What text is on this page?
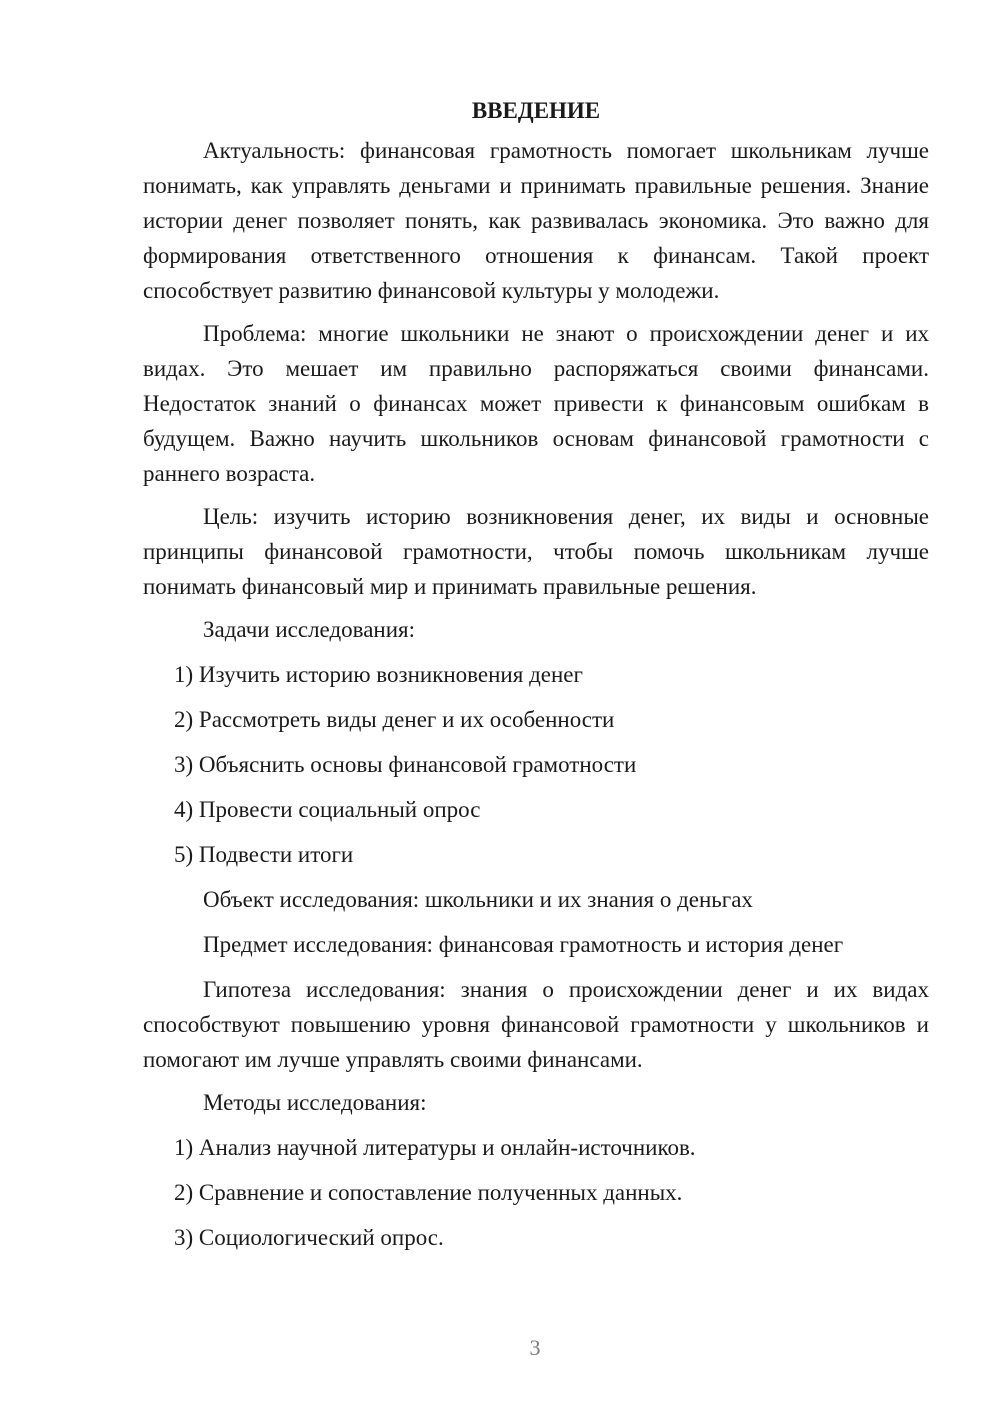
ВВЕДЕНИЕ

Актуальность: финансовая грамотность помогает школьникам лучше понимать, как управлять деньгами и принимать правильные решения. Знание истории денег позволяет понять, как развивалась экономика. Это важно для формирования ответственного отношения к финансам. Такой проект способствует развитию финансовой культуры у молодежи.

Проблема: многие школьники не знают о происхождении денег и их видах. Это мешает им правильно распоряжаться своими финансами. Недостаток знаний о финансах может привести к финансовым ошибкам в будущем. Важно научить школьников основам финансовой грамотности с раннего возраста.

Цель: изучить историю возникновения денег, их виды и основные принципы финансовой грамотности, чтобы помочь школьникам лучше понимать финансовый мир и принимать правильные решения.

Задачи исследования:
1) Изучить историю возникновения денег
2) Рассмотреть виды денег и их особенности
3) Объяснить основы финансовой грамотности
4) Провести социальный опрос
5) Подвести итоги
Объект исследования: школьники и их знания о деньгах
Предмет исследования: финансовая грамотность и история денег

Гипотеза исследования: знания о происхождении денег и их видах способствуют повышению уровня финансовой грамотности у школьников и помогают им лучше управлять своими финансами.

Методы исследования:
1) Анализ научной литературы и онлайн-источников.
2) Сравнение и сопоставление полученных данных.
3) Социологический опрос.
3
